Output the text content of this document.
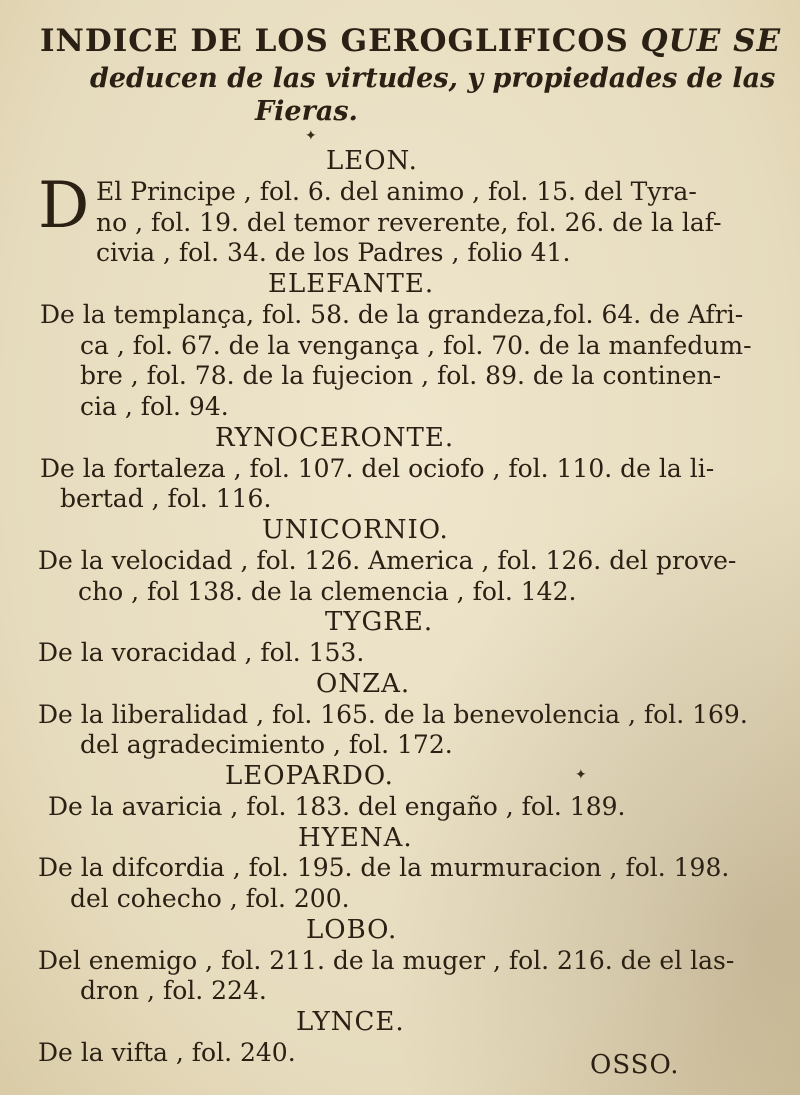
INDICE DE LOS GEROGLIFICOS QUE SE
deducen de las virtudes, y propiedades de las
Fieras.
✦
D
LEON.
El Principe , fol. 6. del animo , fol. 15. del Tyra-
no , fol. 19. del temor reverente, fol. 26. de la laf-
civia , fol. 34. de los Padres , folio 41.
ELEFANTE.
De la templança, fol. 58. de la grandeza,fol. 64. de Afri-
ca , fol. 67. de la vengança , fol. 70. de la manfedum-
bre , fol. 78. de la fujecion , fol. 89. de la continen-
cia , fol. 94.
RYNOCERONTE.
De la fortaleza , fol. 107. del ociofo , fol. 110. de la li-
bertad , fol. 116.
UNICORNIO.
De la velocidad , fol. 126. America , fol. 126. del prove-
cho , fol 138. de la clemencia , fol. 142.
TYGRE.
De la voracidad , fol. 153.
ONZA.
De la liberalidad , fol. 165. de la benevolencia , fol. 169.
del agradecimiento , fol. 172.
LEOPARDO.	✦
De la avaricia , fol. 183. del engaño , fol. 189.
HYENA.
De la difcordia , fol. 195. de la murmuracion , fol. 198.
del cohecho , fol. 200.
LOBO.
Del enemigo , fol. 211. de la muger , fol. 216. de el las-
dron , fol. 224.
LYNCE.
De la vifta , fol. 240.	OSSO.
